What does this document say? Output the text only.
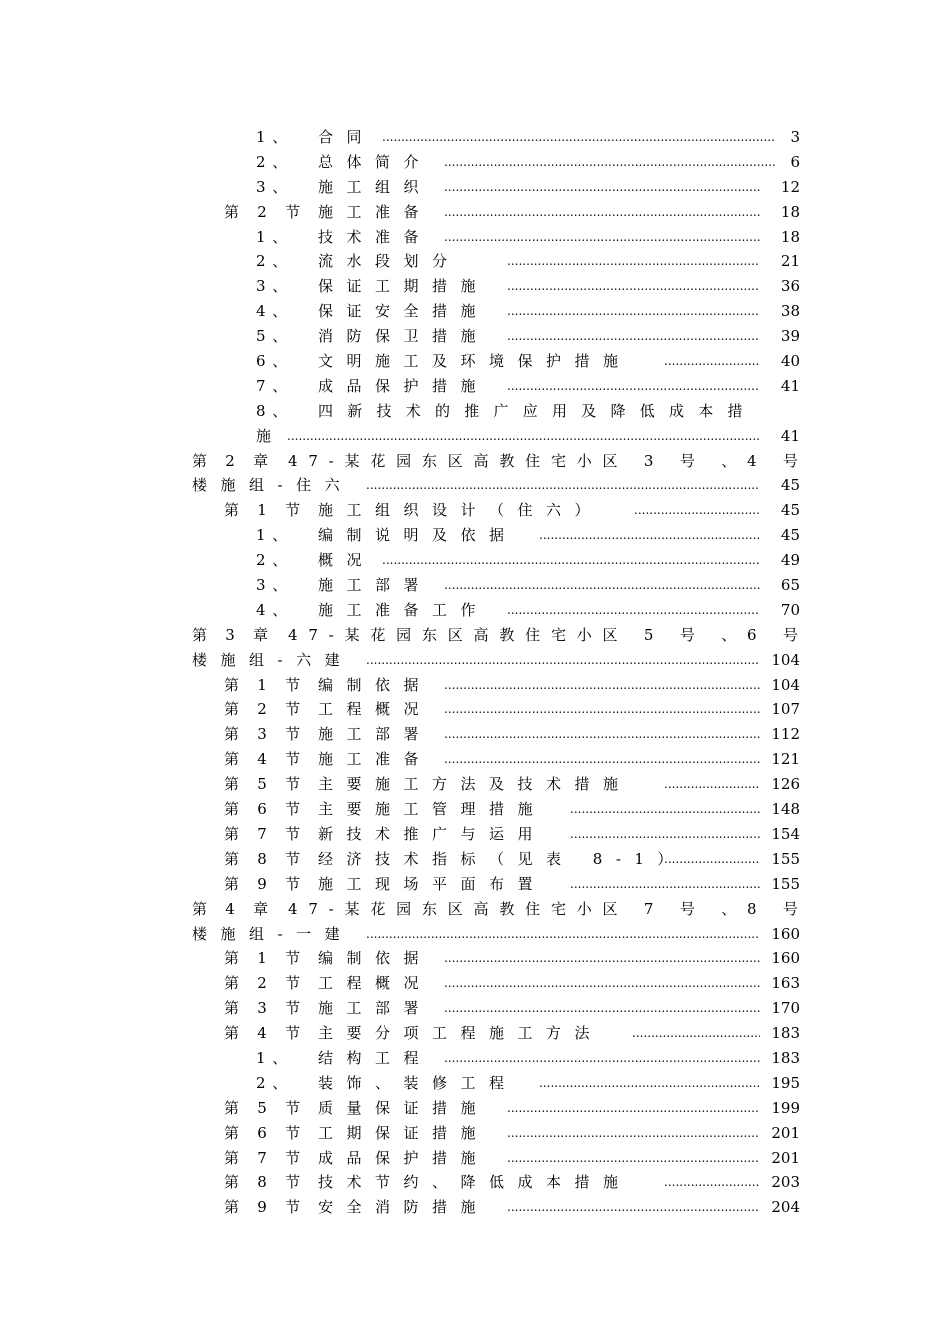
1、 合同 .....	3
2、 总体简介 .....	6
3、 施工组织 .....	12
第 2 节 施工准备 .....	18
1、 技术准备 .....	18
2、 流水段划分 .....	21
3、 保证工期措施 .....	36
4、 保证安全措施 .....	38
5、 消防保卫措施 .....	39
6、 文明施工及环境保护措施 .....	40
7、 成品保护措施 .....	41
8、 四新技术的推广应用及降低成本措
施 .....	41
第 2 章 47-某花园东区高教住宅小区 3 号 、4 号
楼施组-住六 .....	45
第 1 节 施工组织设计（住六） .....	45
1、 编制说明及依据 .....	45
2、 概况 .....	49
3、 施工部署 .....	65
4、 施工准备工作 .....	70
第 3 章 47-某花园东区高教住宅小区 5 号 、6 号
楼施组-六建 .....	104
第 1 节 编制依据 .....	104
第 2 节 工程概况 .....	107
第 3 节 施工部署 .....	112
第 4 节 施工准备 .....	121
第 5 节 主要施工方法及技术措施 .....	126
第 6 节 主要施工管理措施 .....	148
第 7 节 新技术推广与运用 .....	154
第 8 节 经济技术指标（见表 8-1） .....	155
第 9 节 施工现场平面布置 .....	155
第 4 章 47-某花园东区高教住宅小区 7 号 、8 号
楼施组-一建 .....	160
第 1 节 编制依据 .....	160
第 2 节 工程概况 .....	163
第 3 节 施工部署 .....	170
第 4 节 主要分项工程施工方法 .....	183
1、 结构工程 .....	183
2、 装饰、装修工程 .....	195
第 5 节 质量保证措施 .....	199
第 6 节 工期保证措施 .....	201
第 7 节 成品保护措施 .....	201
第 8 节 技术节约、降低成本措施 .....	203
第 9 节 安全消防措施 .....	204
